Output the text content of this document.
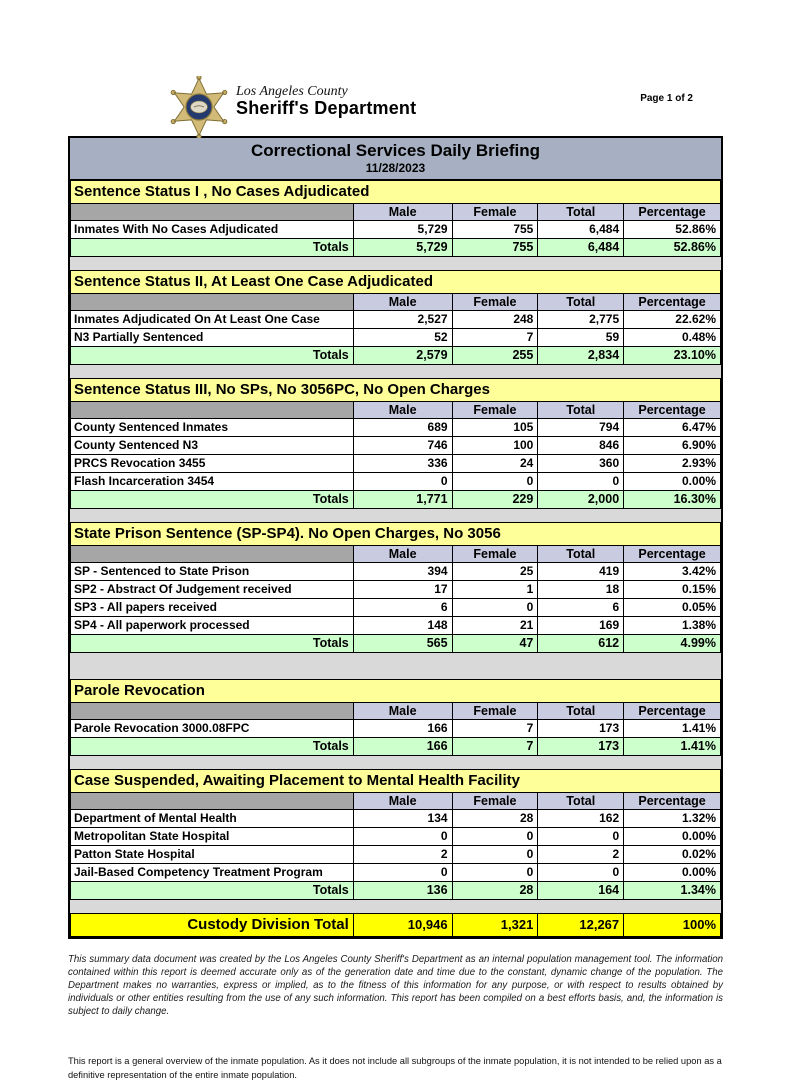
Los Angeles County
Sheriff's Department	Page 1 of 2
Correctional Services Daily Briefing
11/28/2023
Sentence Status I , No Cases Adjudicated				
	Male	Female	Total	Percentage
Inmates With No Cases Adjudicated	5,729	755	6,484	52.86%
Totals	5,729	755	6,484	52.86%
Sentence Status II, At Least One Case Adjudicated				
	Male	Female	Total	Percentage
Inmates Adjudicated On At Least One Case	2,527	248	2,775	22.62%
N3 Partially Sentenced	52	7	59	0.48%
Totals	2,579	255	2,834	23.10%
Sentence Status III, No SPs, No 3056PC, No Open Charges				
	Male	Female	Total	Percentage
County Sentenced Inmates	689	105	794	6.47%
County Sentenced N3	746	100	846	6.90%
PRCS Revocation 3455	336	24	360	2.93%
Flash Incarceration 3454	0	0	0	0.00%
Totals	1,771	229	2,000	16.30%
State Prison Sentence (SP-SP4). No Open Charges, No 3056				
	Male	Female	Total	Percentage
SP - Sentenced to State Prison	394	25	419	3.42%
SP2 - Abstract Of Judgement received	17	1	18	0.15%
SP3 - All papers received	6	0	6	0.05%
SP4 - All paperwork processed	148	21	169	1.38%
Totals	565	47	612	4.99%
Parole Revocation				
	Male	Female	Total	Percentage
Parole Revocation 3000.08FPC	166	7	173	1.41%
Totals	166	7	173	1.41%
Case Suspended, Awaiting Placement to Mental Health Facility				
	Male	Female	Total	Percentage
Department of Mental Health	134	28	162	1.32%
Metropolitan State Hospital	0	0	0	0.00%
Patton State Hospital	2	0	2	0.02%
Jail-Based Competency Treatment Program	0	0	0	0.00%
Totals	136	28	164	1.34%
Custody Division Total	10,946	1,321	12,267	100%
This summary data document was created by the Los Angeles County Sheriff's Department as an internal population management tool. The information contained within this report is deemed accurate only as of the generation date and time due to the constant, dynamic change of the population. The Department makes no warranties, express or implied, as to the fitness of this information for any purpose, or with respect to results obtained by individuals or other entities resulting from the use of any such information. This report has been compiled on a best efforts basis, and, the information is subject to daily change.
This report is a general overview of the inmate population. As it does not include all subgroups of the inmate population, it is not intended to be relied upon as a definitive representation of the entire inmate population.
